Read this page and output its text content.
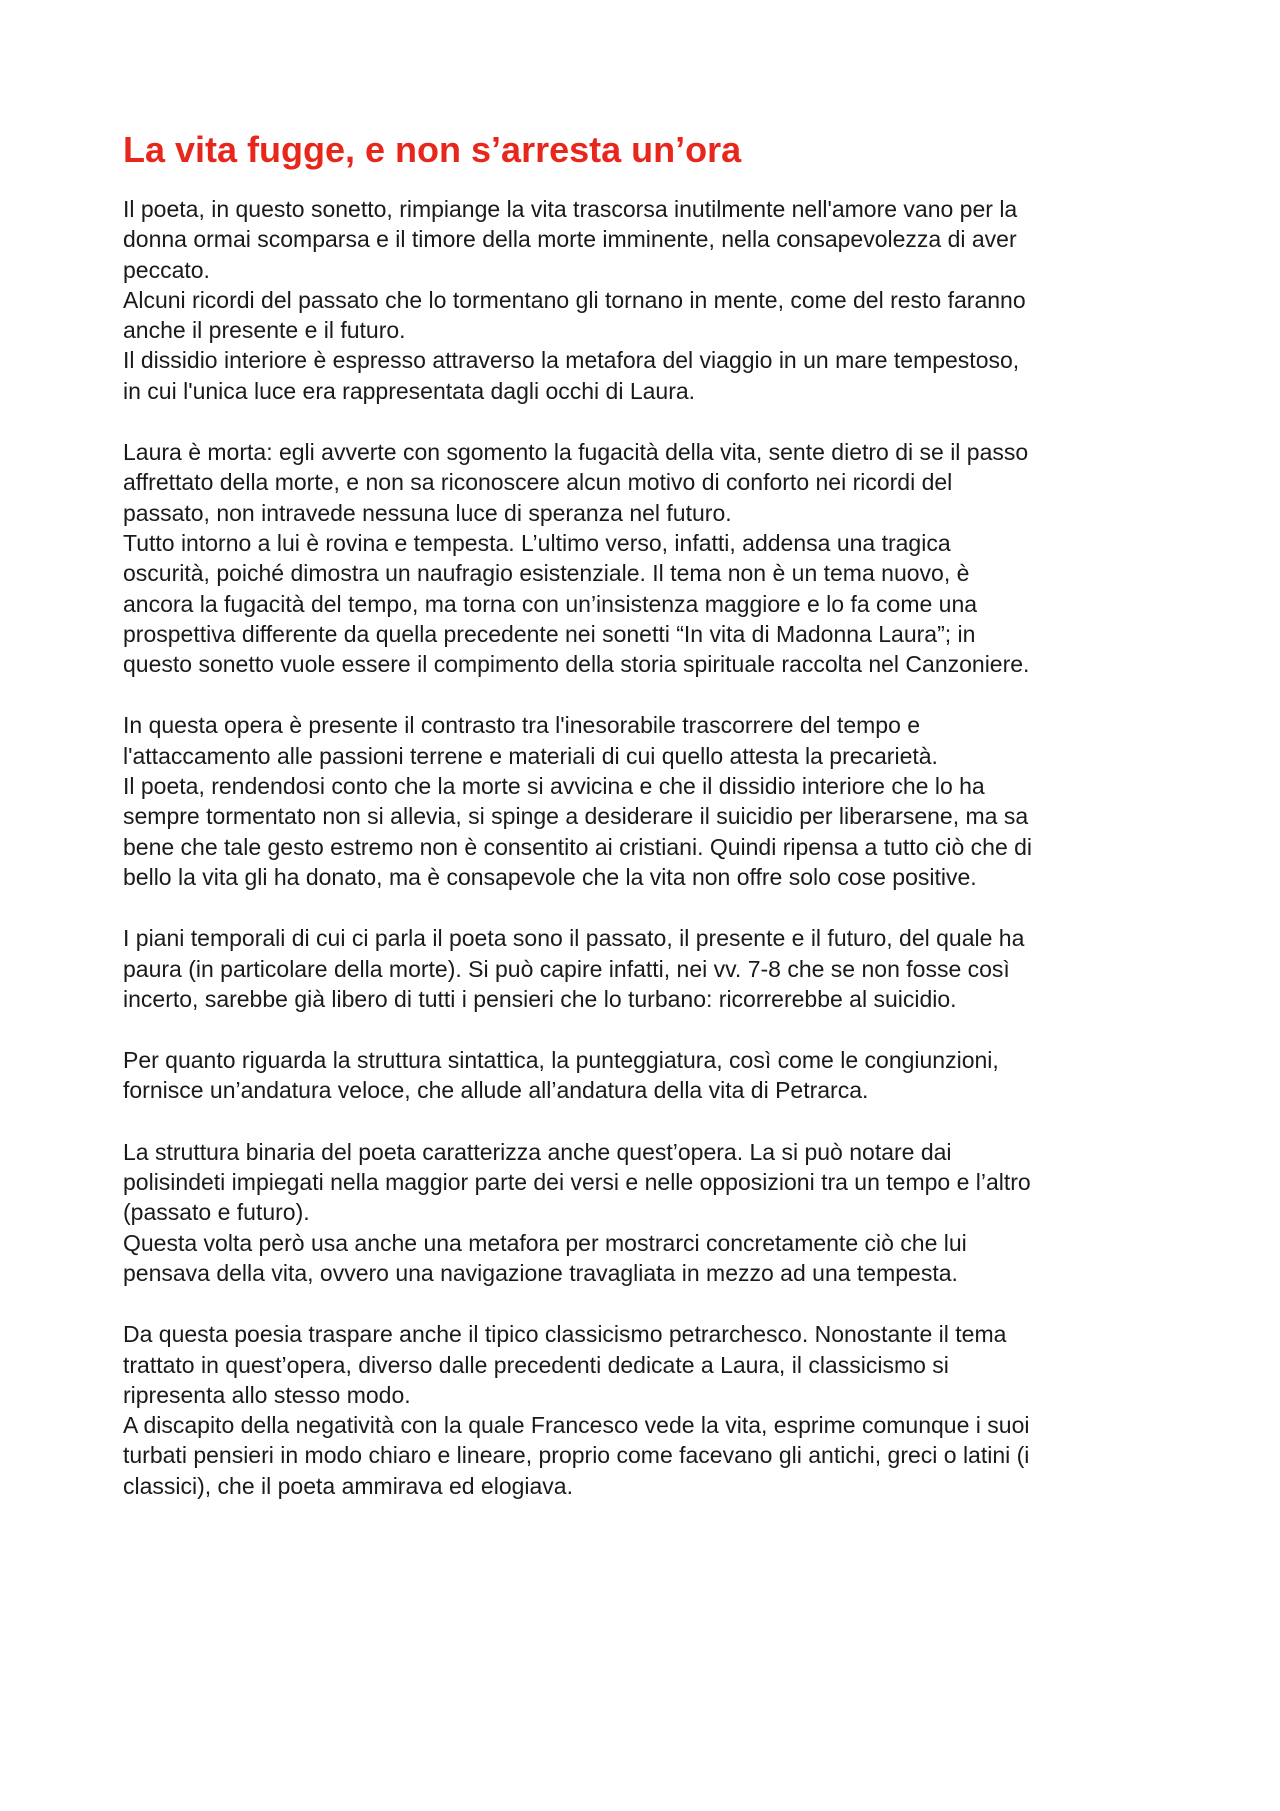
La vita fugge, e non s’arresta un’ora
Il poeta, in questo sonetto, rimpiange la vita trascorsa inutilmente nell'amore vano per la
donna ormai scomparsa e il timore della morte imminente, nella consapevolezza di aver
peccato.
Alcuni ricordi del passato che lo tormentano gli tornano in mente, come del resto faranno
anche il presente e il futuro.
Il dissidio interiore è espresso attraverso la metafora del viaggio in un mare tempestoso,
in cui l'unica luce era rappresentata dagli occhi di Laura.
Laura è morta: egli avverte con sgomento la fugacità della vita, sente dietro di se il passo
affrettato della morte, e non sa riconoscere alcun motivo di conforto nei ricordi del
passato, non intravede nessuna luce di speranza nel futuro.
Tutto intorno a lui è rovina e tempesta. L’ultimo verso, infatti, addensa una tragica
oscurità, poiché dimostra un naufragio esistenziale. Il tema non è un tema nuovo, è
ancora la fugacità del tempo, ma torna con un’insistenza maggiore e lo fa come una
prospettiva differente da quella precedente nei sonetti “In vita di Madonna Laura”; in
questo sonetto vuole essere il compimento della storia spirituale raccolta nel Canzoniere.
In questa opera è presente il contrasto tra l'inesorabile trascorrere del tempo e
l'attaccamento alle passioni terrene e materiali di cui quello attesta la precarietà.
Il poeta, rendendosi conto che la morte si avvicina e che il dissidio interiore che lo ha
sempre tormentato non si allevia, si spinge a desiderare il suicidio per liberarsene, ma sa
bene che tale gesto estremo non è consentito ai cristiani. Quindi ripensa a tutto ciò che di
bello la vita gli ha donato, ma è consapevole che la vita non offre solo cose positive.
I piani temporali di cui ci parla il poeta sono il passato, il presente e il futuro, del quale ha
paura (in particolare della morte). Si può capire infatti, nei vv. 7-8 che se non fosse così
incerto, sarebbe già libero di tutti i pensieri che lo turbano: ricorrerebbe al suicidio.
Per quanto riguarda la struttura sintattica, la punteggiatura, così come le congiunzioni,
fornisce un’andatura veloce, che allude all’andatura della vita di Petrarca.
La struttura binaria del poeta caratterizza anche quest’opera. La si può notare dai
polisindeti impiegati nella maggior parte dei versi e nelle opposizioni tra un tempo e l’altro
(passato e futuro).
Questa volta però usa anche una metafora per mostrarci concretamente ciò che lui
pensava della vita, ovvero una navigazione travagliata in mezzo ad una tempesta.
Da questa poesia traspare anche il tipico classicismo petrarchesco. Nonostante il tema
trattato in quest’opera, diverso dalle precedenti dedicate a Laura, il classicismo si
ripresenta allo stesso modo.
A discapito della negatività con la quale Francesco vede la vita, esprime comunque i suoi
turbati pensieri in modo chiaro e lineare, proprio come facevano gli antichi, greci o latini (i
classici), che il poeta ammirava ed elogiava.
